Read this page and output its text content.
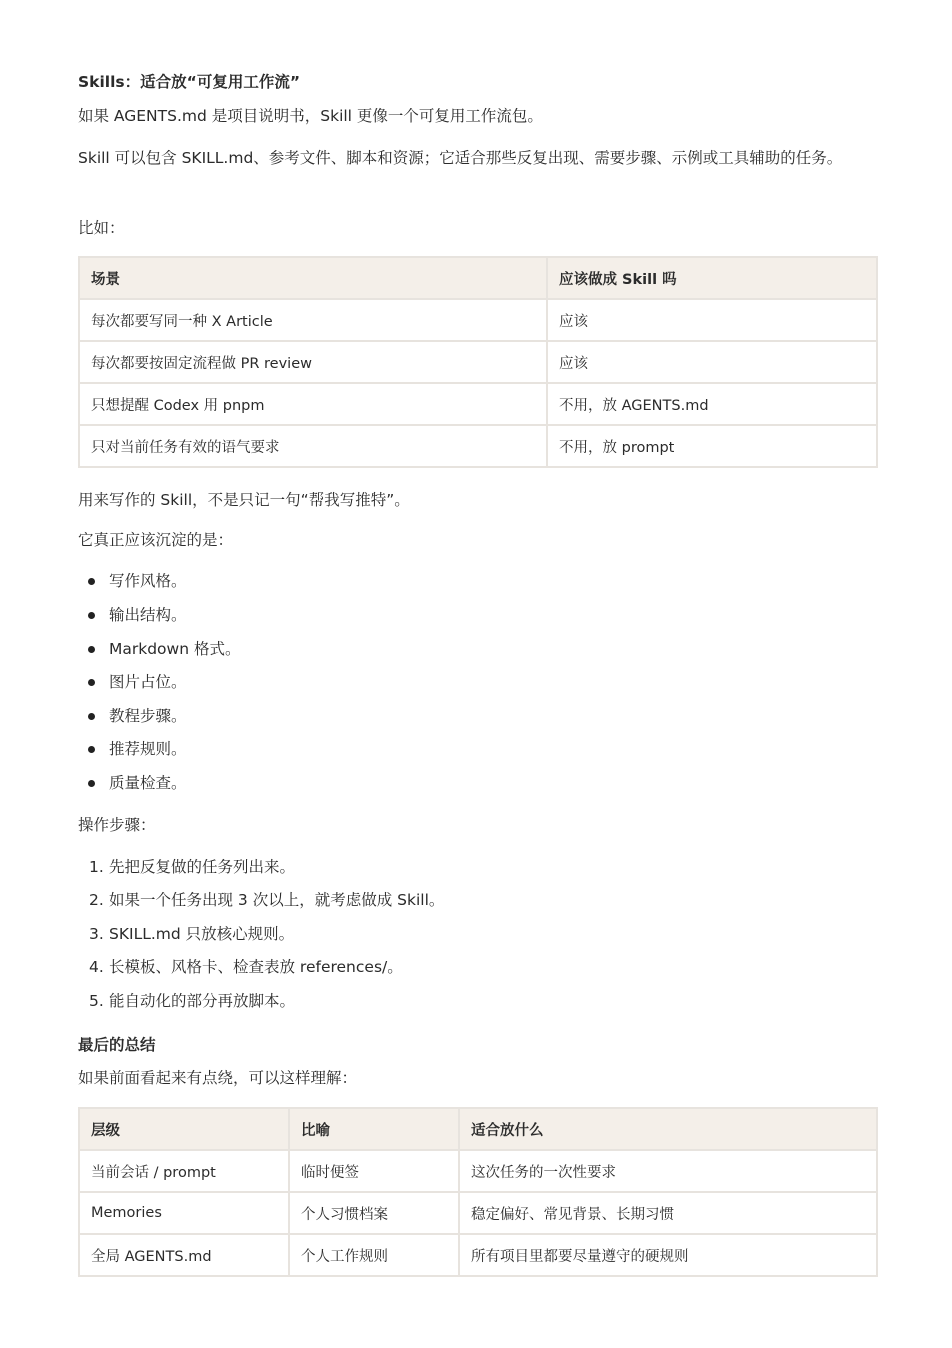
Skills：适合放“可复用工作流”
如果 AGENTS.md 是项目说明书，Skill 更像一个可复用工作流包。
Skill 可以包含 SKILL.md、参考文件、脚本和资源；它适合那些反复出现、需要步骤、示例或工具辅助的任务。
比如：
场景	应该做成 Skill 吗
每次都要写同一种 X Article	应该
每次都要按固定流程做 PR review	应该
只想提醒 Codex 用 pnpm	不用，放 AGENTS.md
只对当前任务有效的语气要求	不用，放 prompt
用来写作的 Skill，不是只记一句“帮我写推特”。
它真正应该沉淀的是：
写作风格。
输出结构。
Markdown 格式。
图片占位。
教程步骤。
推荐规则。
质量检查。
操作步骤：
1. 先把反复做的任务列出来。
2. 如果一个任务出现 3 次以上，就考虑做成 Skill。
3. SKILL.md 只放核心规则。
4. 长模板、风格卡、检查表放 references/。
5. 能自动化的部分再放脚本。
最后的总结
如果前面看起来有点绕，可以这样理解：
层级	比喻	适合放什么
当前会话 / prompt	临时便签	这次任务的一次性要求
Memories	个人习惯档案	稳定偏好、常见背景、长期习惯
全局 AGENTS.md	个人工作规则	所有项目里都要尽量遵守的硬规则
